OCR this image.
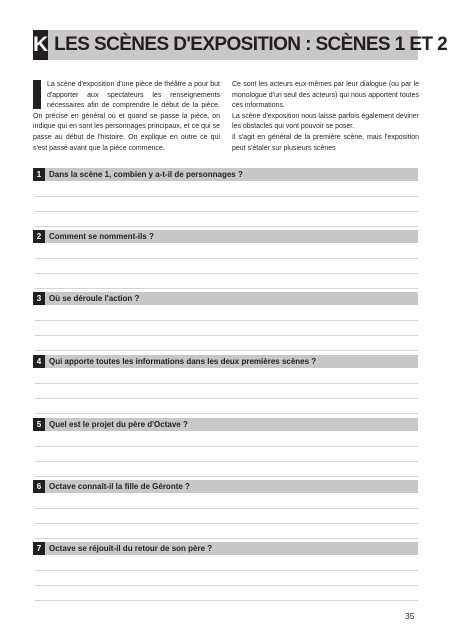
K LES SCÈNES D'EXPOSITION : SCÈNES 1 ET 2
La scène d'exposition d'une pièce de théâtre a pour but d'apporter aux spectateurs les renseignements nécessaires afin de comprendre le début de la pièce. On précise en général où et quand se passe la pièce, on indique qui en sont les personnages principaux, et ce qui se passe au début de l'histoire. On explique en outre ce qui s'est passé avant que la pièce commence.

Ce sont les acteurs eux-mêmes par leur dialogue (ou par le monologue d'un seul des acteurs) qui nous apportent toutes ces informations.

La scène d'exposition nous laisse parfois également deviner les obstacles qui vont pouvoir se poser.

Il s'agit en général de la première scène, mais l'exposition peut s'étaler sur plusieurs scènes

1 Dans la scène 1, combien y a-t-il de personnages ?
2 Comment se nomment-ils ?
3 Où se déroule l'action ?
4 Qui apporte toutes les informations dans les deux premières scènes ?
5 Quel est le projet du père d'Octave ?
6 Octave connaît-il la fille de Géronte ?
7 Octave se réjouit-il du retour de son père ?
35
